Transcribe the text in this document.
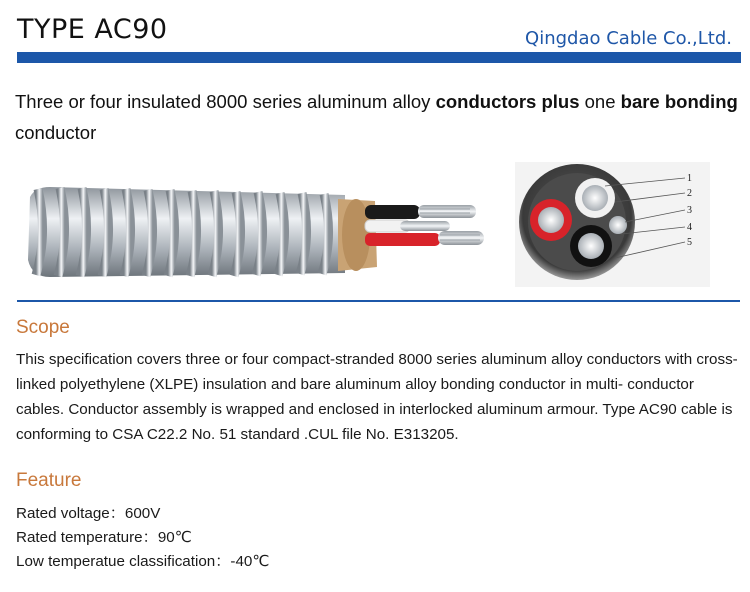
TYPE AC90	Qingdao Cable Co.,Ltd.
Three or four insulated 8000 series aluminum alloy conductors plus one bare bonding conductor
1
2
3
4
5
Scope
This specification covers three or four compact-stranded 8000 series aluminum alloy conductors with cross-linked polyethylene (XLPE) insulation and bare aluminum alloy bonding conductor in multi- conductor cables. Conductor assembly is wrapped and enclosed in interlocked aluminum armour. Type AC90 cable is conforming to CSA C22.2 No. 51 standard .CUL file No. E313205.
Feature
Rated voltage：600V
Rated temperature：90℃
Low temperatue classification：-40℃
